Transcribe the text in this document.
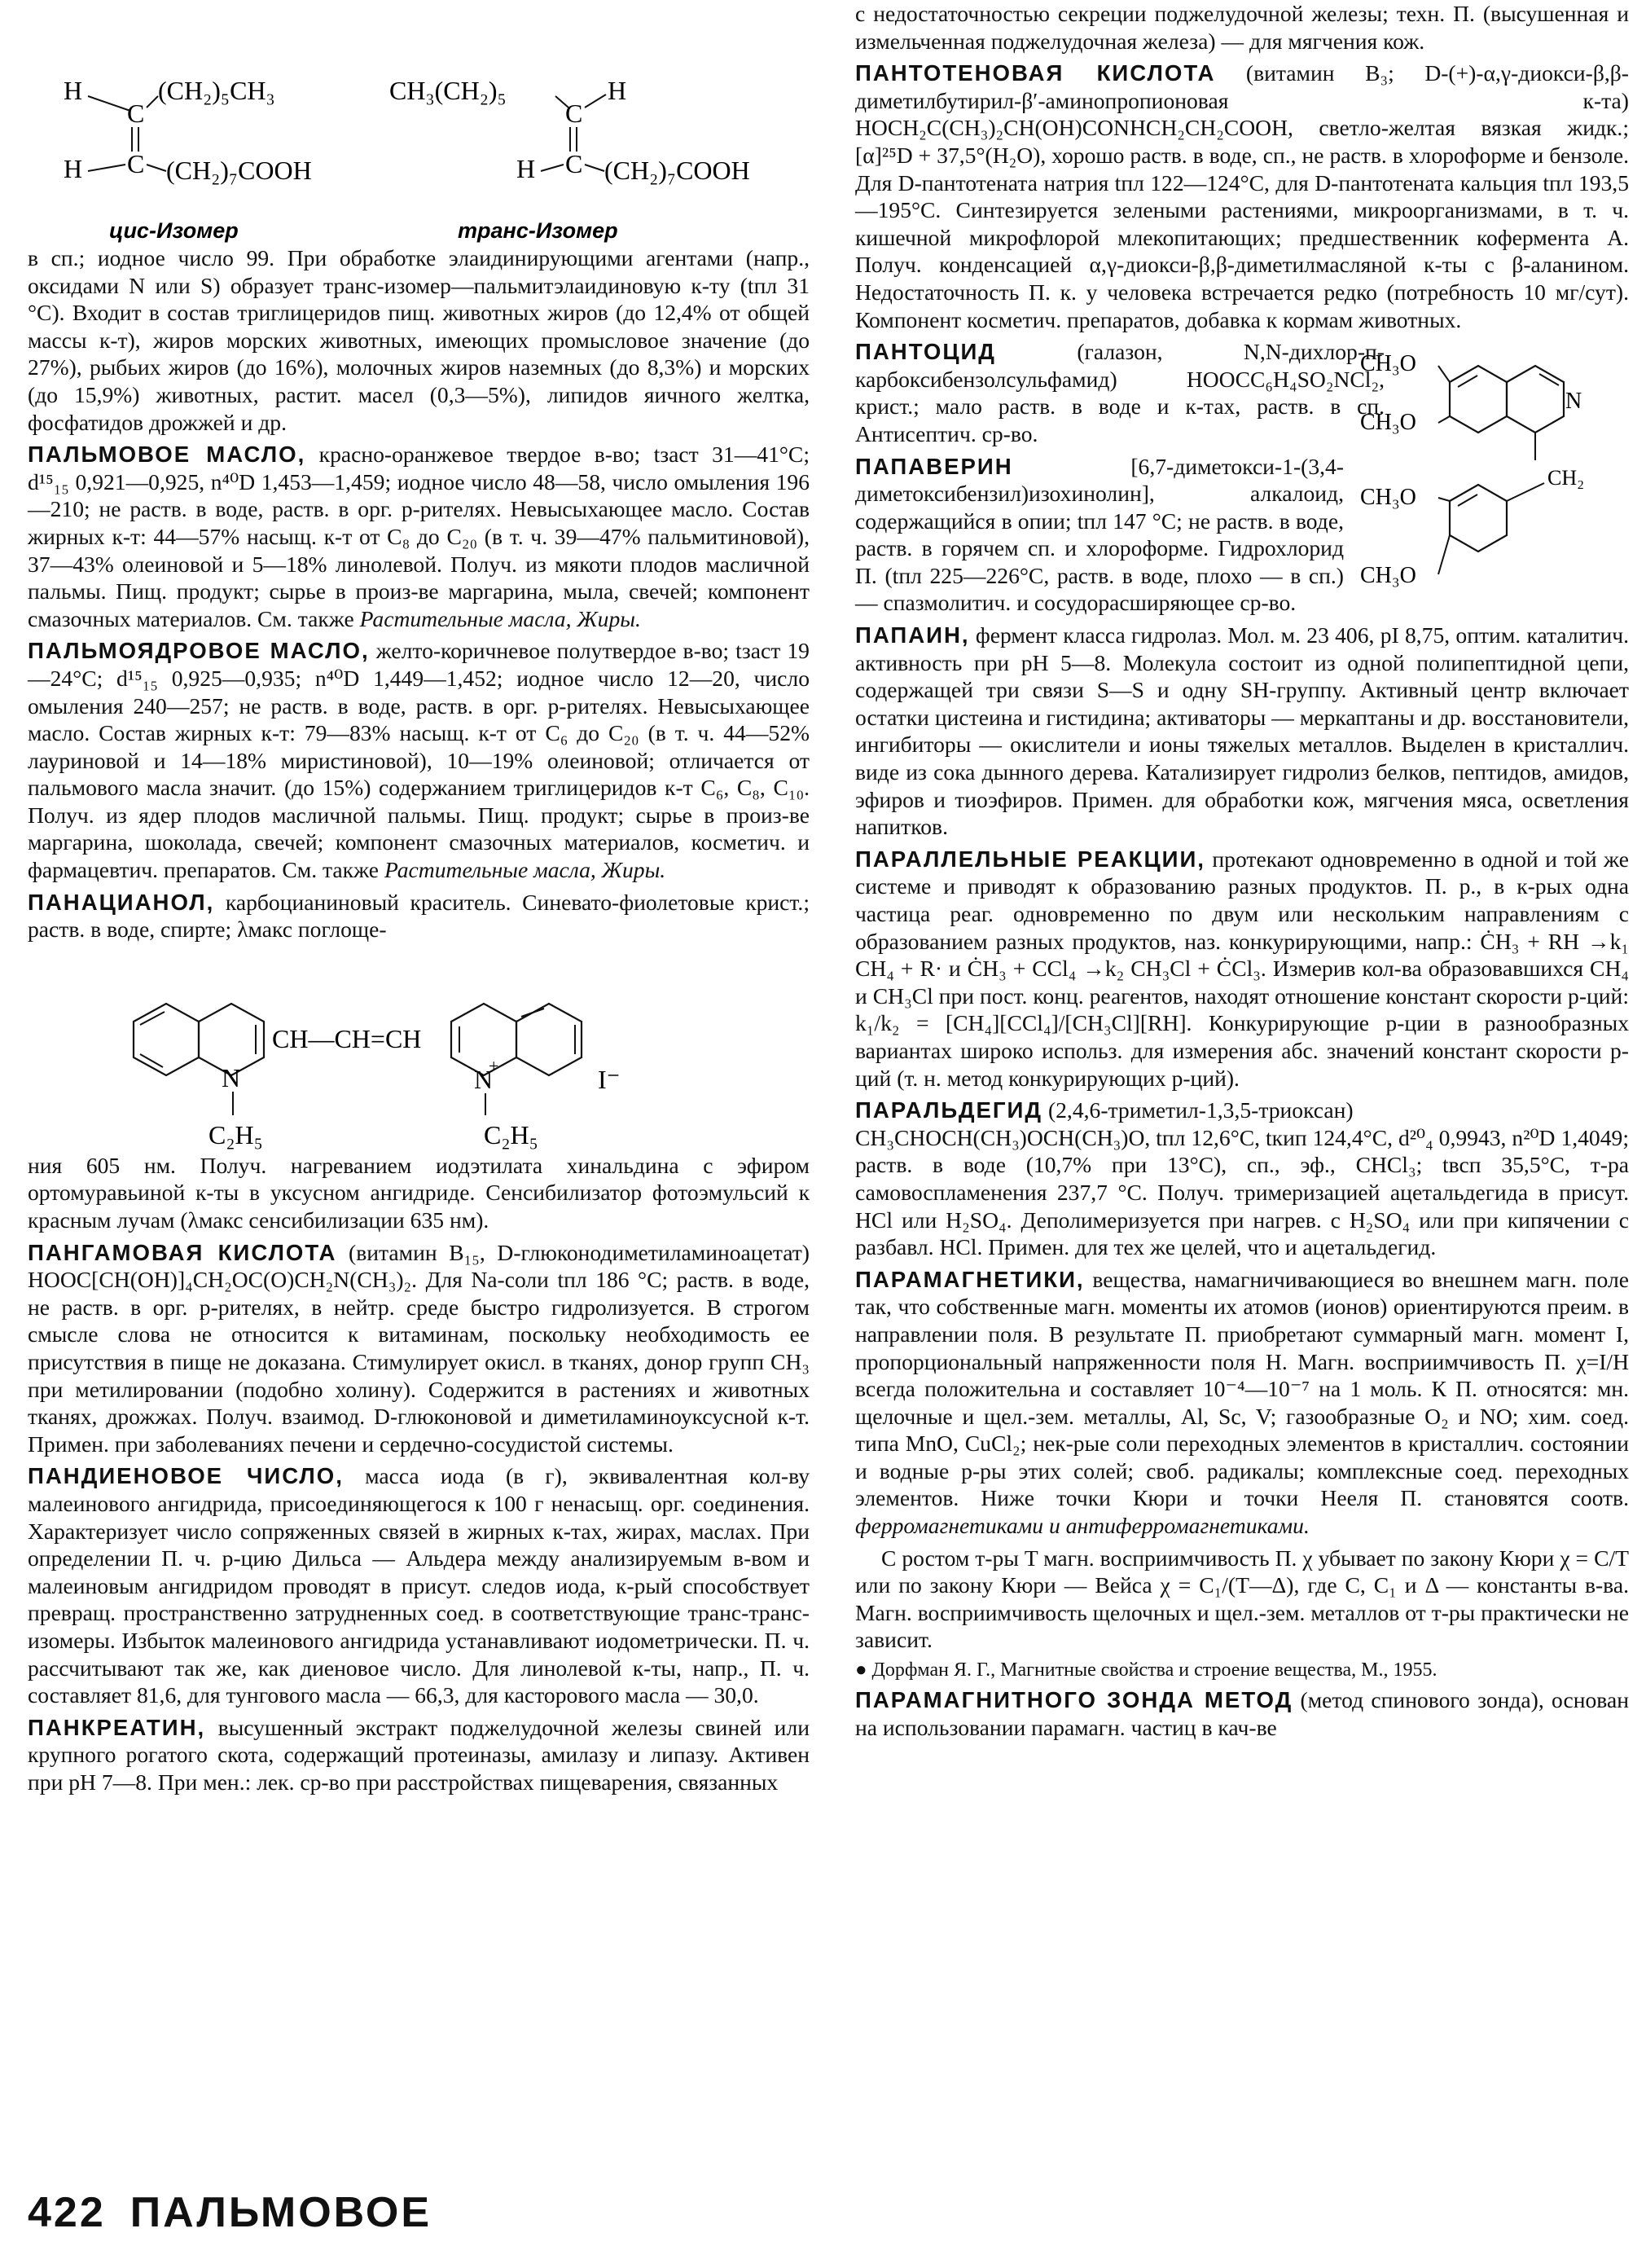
H
C
(CH₂)₅CH₃
H C (CH₂)₇COOH
цис-Изомер
CH₃(CH₂)₅
C
H
H C (CH₂)₇COOH
транс-Изомер

в сп.; иодное число 99. При обработке элаидинирующими агентами (напр., оксидами N или S) образует транс-изомер—пальмитэлаидиновую к-ту (tпл 31 °С). Входит в состав триглицеридов пищ. животных жиров (до 12,4% от общей массы к-т), жиров морских животных, имеющих промысловое значение (до 27%), рыбьих жиров (до 16%), молочных жиров наземных (до 8,3%) и морских (до 15,9%) животных, растит. масел (0,3—5%), липидов яичного желтка, фосфатидов дрожжей и др.

ПАЛЬМОВОЕ МАСЛО, красно-оранжевое твердое в-во; tзаст 31—41°С; d¹⁵₁₅ 0,921—0,925, n⁴⁰D 1,453—1,459; иодное число 48—58, число омыления 196—210; не раств. в воде, раств. в орг. р-рителях. Невысыхающее масло. Состав жирных к-т: 44—57% насыщ. к-т от C₈ до C₂₀ (в т. ч. 39—47% пальмитиновой), 37—43% олеиновой и 5—18% линолевой. Получ. из мякоти плодов масличной пальмы. Пищ. продукт; сырье в произ-ве маргарина, мыла, свечей; компонент смазочных материалов. См. также Растительные масла, Жиры.

ПАЛЬМОЯДРОВОЕ МАСЛО, желто-коричневое полутвердое в-во; tзаст 19—24°С; d¹⁵₁₅ 0,925—0,935; n⁴⁰D 1,449—1,452; иодное число 12—20, число омыления 240—257; не раств. в воде, раств. в орг. р-рителях. Невысыхающее масло. Состав жирных к-т: 79—83% насыщ. к-т от C₆ до C₂₀ (в т. ч. 44—52% лауриновой и 14—18% миристиновой), 10—19% олеиновой; отличается от пальмового масла значит. (до 15%) содержанием триглицеридов к-т C₆, C₈, C₁₀. Получ. из ядер плодов масличной пальмы. Пищ. продукт; сырье в произ-ве маргарина, шоколада, свечей; компонент смазочных материалов, косметич. и фармацевтич. препаратов. См. также Растительные масла, Жиры.

ПАНАЦИАНОЛ, карбоцианиновый краситель. Синевато-фиолетовые крист.; раств. в воде, спирте; λмакс поглоще-

N
C₂H₅
CH—CH=CH
N
+
C₂H₅
I⁻

ния 605 нм. Получ. нагреванием иодэтилата хинальдина с эфиром ортомуравьиной к-ты в уксусном ангидриде. Сенсибилизатор фотоэмульсий к красным лучам (λмакс сенсибилизации 635 нм).

ПАНГАМОВАЯ КИСЛОТА (витамин B₁₅, D-глюконодиметиламиноацетат) HOOC[CH(OH)]₄CH₂OC(O)CH₂N(CH₃)₂. Для Na-соли tпл 186 °С; раств. в воде, не раств. в орг. р-рителях, в нейтр. среде быстро гидролизуется. В строгом смысле слова не относится к витаминам, поскольку необходимость ее присутствия в пище не доказана. Стимулирует окисл. в тканях, донор групп CH₃ при метилировании (подобно холину). Содержится в растениях и животных тканях, дрожжах. Получ. взаимод. D-глюконовой и диметиламиноуксусной к-т. Примен. при заболеваниях печени и сердечно-сосудистой системы.

ПАНДИЕНОВОЕ ЧИСЛО, масса иода (в г), эквивалентная кол-ву малеинового ангидрида, присоединяющегося к 100 г ненасыщ. орг. соединения. Характеризует число сопряженных связей в жирных к-тах, жирах, маслах. При определении П. ч. р-цию Дильса — Альдера между анализируемым в-вом и малеиновым ангидридом проводят в присут. следов иода, к-рый способствует превращ. пространственно затрудненных соед. в соответствующие транс-транс-изомеры. Избыток малеинового ангидрида устанавливают иодометрически. П. ч. рассчитывают так же, как диеновое число. Для линолевой к-ты, напр., П. ч. составляет 81,6, для тунгового масла — 66,3, для касторового масла — 30,0.

ПАНКРЕАТИН, высушенный экстракт поджелудочной железы свиней или крупного рогатого скота, содержащий протеиназы, амилазу и липазу. Активен при pH 7—8. При мен.: лек. ср-во при расстройствах пищеварения, связанных

с недостаточностью секреции поджелудочной железы; техн. П. (высушенная и измельченная поджелудочная железа) — для мягчения кож.

ПАНТОТЕНОВАЯ КИСЛОТА (витамин B₃; D-(+)-α,γ-диокси-β,β-диметилбутирил-β′-аминопропионовая к-та) HOCH₂C(CH₃)₂CH(OH)CONHCH₂CH₂COOH, светло-желтая вязкая жидк.; [α]²⁵D + 37,5°(H₂O), хорошо раств. в воде, сп., не раств. в хлороформе и бензоле. Для D-пантотената натрия tпл 122—124°С, для D-пантотената кальция tпл 193,5—195°С. Синтезируется зелеными растениями, микроорганизмами, в т. ч. кишечной микрофлорой млекопитающих; предшественник кофермента А. Получ. конденсацией α,γ-диокси-β,β-диметилмасляной к-ты с β-аланином. Недостаточность П. к. у человека встречается редко (потребность 10 мг/сут). Компонент косметич. препаратов, добавка к кормам животных.

CH₃O
CH₃O
N
CH₂
CH₃O
CH₃O

ПАНТОЦИД	(галазон, N,N-дихлор-п-карбоксибензолсульфамид) HOOCC₆H₄SO₂NCl₂, крист.; мало раств. в воде и к-тах, раств. в сп. Антисептич. ср-во.

ПАПАВЕРИН	[6,7-диметокси-1-(3,4-диметоксибензил)изохинолин], алкалоид, содержащийся в опии; tпл 147 °С; не раств. в воде, раств. в горячем сп. и хлороформе. Гидрохлорид П. (tпл 225—226°С, раств. в воде, плохо — в сп.) — спазмолитич. и сосудорасширяющее ср-во.

ПАПАИН, фермент класса гидролаз. Мол. м. 23 406, pI 8,75, оптим. каталитич. активность при pH 5—8. Молекула состоит из одной полипептидной цепи, содержащей три связи S—S и одну SH-группу. Активный центр включает остатки цистеина и гистидина; активаторы — меркаптаны и др. восстановители, ингибиторы — окислители и ионы тяжелых металлов. Выделен в кристаллич. виде из сока дынного дерева. Катализирует гидролиз белков, пептидов, амидов, эфиров и тиоэфиров. Примен. для обработки кож, мягчения мяса, осветления напитков.

ПАРАЛЛЕЛЬНЫЕ РЕАКЦИИ, протекают одновременно в одной и той же системе и приводят к образованию разных продуктов. П. р., в к-рых одна частица реаг. одновременно по двум или нескольким направлениям с образованием разных продуктов, наз. конкурирующими, напр.: ĊH₃ + RH →k₁ CH₄ + R· и ĊH₃ + CCl₄ →k₂ CH₃Cl + ĊCl₃. Измерив кол-ва образовавшихся CH₄ и CH₃Cl при пост. конц. реагентов, находят отношение констант скорости р-ций: k₁/k₂ = [CH₄][CCl₄]/[CH₃Cl][RH]. Конкурирующие р-ции в разнообразных вариантах широко использ. для измерения абс. значений констант скорости р-ций (т. н. метод конкурирующих р-ций).

ПАРАЛЬДЕГИД (2,4,6-триметил-1,3,5-триоксан)
CH₃CHOCH(CH₃)OCH(CH₃)O, tпл 12,6°С, tкип 124,4°С, d²⁰₄ 0,9943, n²⁰D 1,4049; раств. в воде (10,7% при 13°С), сп., эф., CHCl₃; tвсп 35,5°С, т-ра самовоспламенения 237,7 °С. Получ. тримеризацией ацетальдегида в присут. HCl или H₂SO₄. Деполимеризуется при нагрев. с H₂SO₄ или при кипячении с разбавл. HCl. Примен. для тех же целей, что и ацетальдегид.

ПАРАМАГНЕТИКИ, вещества, намагничивающиеся во внешнем магн. поле так, что собственные магн. моменты их атомов (ионов) ориентируются преим. в направлении поля. В результате П. приобретают суммарный магн. момент I, пропорциональный напряженности поля H. Магн. восприимчивость П. χ=I/H всегда положительна и составляет 10⁻⁴—10⁻⁷ на 1 моль. К П. относятся: мн. щелочные и щел.-зем. металлы, Al, Sc, V; газообразные O₂ и NO; хим. соед. типа MnO, CuCl₂; нек-рые соли переходных элементов в кристаллич. состоянии и водные р-ры этих солей; своб. радикалы; комплексные соед. переходных элементов. Ниже точки Кюри и точки Нееля П. становятся соотв. ферромагнетиками и антиферромагнетиками.

С ростом т-ры T магн. восприимчивость П. χ убывает по закону Кюри χ = C/T или по закону Кюри — Вейса χ = C₁/(T—Δ), где C, C₁ и Δ — константы в-ва. Магн. восприимчивость щелочных и щел.-зем. металлов от т-ры практически не зависит.

● Дорфман Я. Г., Магнитные свойства и строение вещества, М., 1955.

ПАРАМАГНИТНОГО ЗОНДА МЕТОД (метод спинового зонда), основан на использовании парамагн. частиц в кач-ве

422 ПАЛЬМОВОЕ
